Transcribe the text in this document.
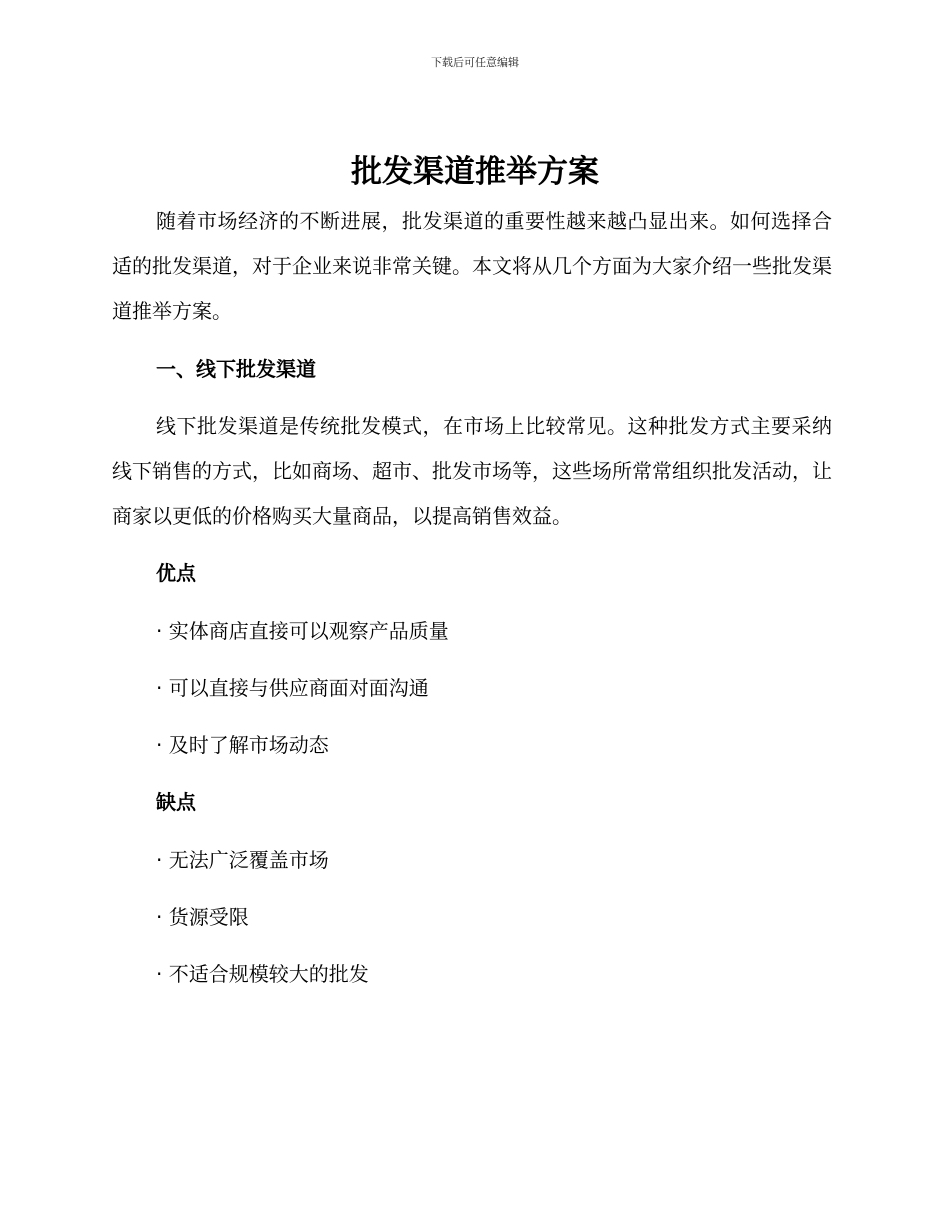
下载后可任意编辑
批发渠道推举方案

随着市场经济的不断进展，批发渠道的重要性越来越凸显出来。如何选择合适的批发渠道，对于企业来说非常关键。本文将从几个方面为大家介绍一些批发渠道推举方案。

一、线下批发渠道

线下批发渠道是传统批发模式，在市场上比较常见。这种批发方式主要采纳线下销售的方式，比如商场、超市、批发市场等，这些场所常常组织批发活动，让商家以更低的价格购买大量商品，以提高销售效益。

优点

· 实体商店直接可以观察产品质量

· 可以直接与供应商面对面沟通

· 及时了解市场动态

缺点

· 无法广泛覆盖市场

· 货源受限

· 不适合规模较大的批发
